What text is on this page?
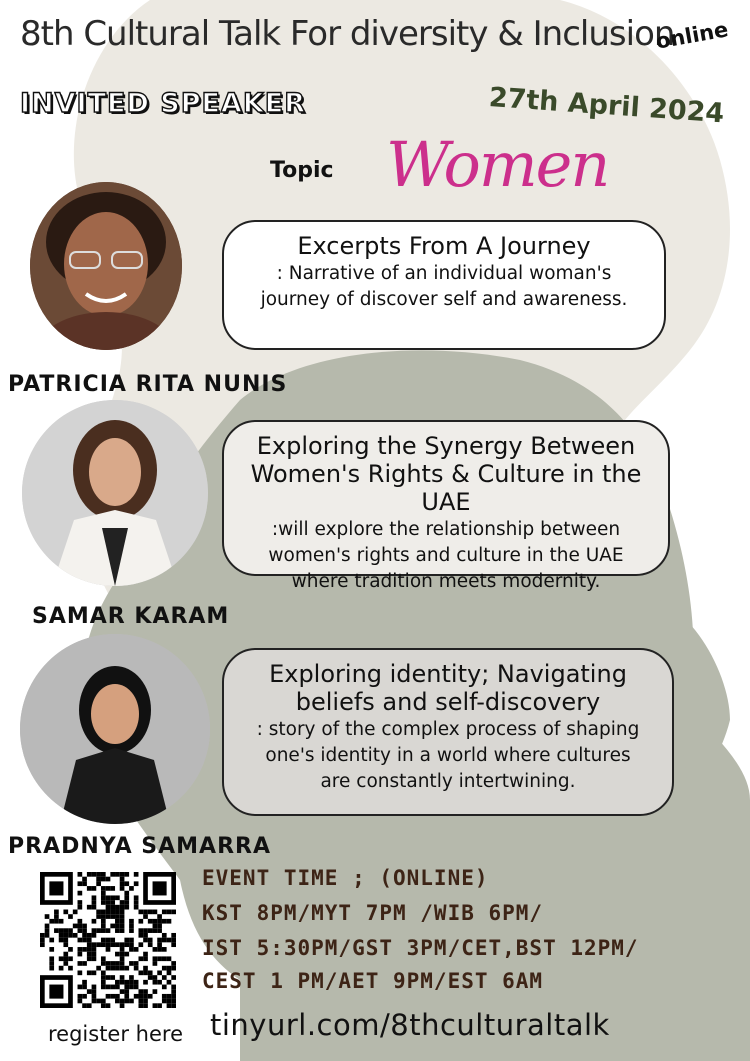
8th Cultural Talk For diversity & Inclusion
online
INVITED SPEAKER	27th April 2024
Topic Women
Excerpts From A Journey
: Narrative of an individual woman's
journey of discover self and awareness.
PATRICIA RITA NUNIS
Exploring the Synergy Between
Women's Rights & Culture in the UAE
:will explore the relationship between
women's rights and culture in the UAE
where tradition meets modernity.
SAMAR KARAM
Exploring identity; Navigating
beliefs and self-discovery
: story of the complex process of shaping
one's identity in a world where cultures
are constantly intertwining.
PRADNYA SAMARRA
EVENT TIME ; (ONLINE)
KST 8PM/MYT 7PM /WIB 6PM/
IST 5:30PM/GST 3PM/CET,BST 12PM/
CEST 1 PM/AET 9PM/EST 6AM
register here tinyurl.com/8thculturaltalk
